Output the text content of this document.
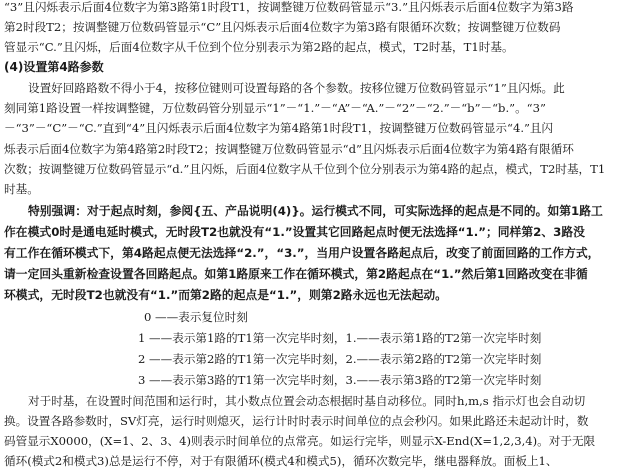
“3”且闪烁表示后面4位数字为第3路第1时段T1，按调整键万位数码管显示“3.”且闪烁表示后面4位数字为第3路
第2时段T2；按调整键万位数码管显示“C”且闪烁表示后面4位数字为第3路有限循环次数；按调整键万位数码
管显示“C.”且闪烁，后面4位数字从千位到个位分别表示为第2路的起点，模式，T2时基，T1时基。
(4)设置第4路参数
设置好回路路数不得小于4，按移位键则可设置每路的各个参数。按移位键万位数码管显示“1”且闪烁。此
刻同第1路设置一样按调整键，万位数码管分别显示“1”－“1.”－“A”－“A.”－“2”－“2.”－“b”－“b.”。“3”
－“3”－“C”－“C.”直到“4”且闪烁表示后面4位数字为第4路第1时段T1，按调整键万位数码管显示“4.”且闪
烁表示后面4位数字为第4路第2时段T2；按调整键万位数码管显示“d”且闪烁表示后面4位数字为第4路有限循环
次数；按调整键万位数码管显示“d.”且闪烁，后面4位数字从千位到个位分别表示为第4路的起点，模式，T2时基，T1
时基。
特别强调：对于起点时刻，参阅{五、产品说明(4)}。运行模式不同，可实际选择的起点是不同的。如第1路工
作在模式0时是通电延时模式，无时段T2也就没有“1.”设置其它回路起点时便无法选择“1.”；同样第2、3路没
有工作在循环模式下，第4路起点便无法选择“2.”，“3.”，当用户设置各路起点后，改变了前面回路的工作方式，
请一定回头重新检查设置各回路起点。如第1路原来工作在循环模式，第2路起点在“1.”然后第1回路改变在非循
环模式，无时段T2也就没有“1.”而第2路的起点是“1.”，则第2路永远也无法起动。
0 ——表示复位时刻
1 ——表示第1路的T1第一次完毕时刻，1.——表示第1路的T2第一次完毕时刻
2 ——表示第2路的T1第一次完毕时刻，2.——表示第2路的T2第一次完毕时刻
3 ——表示第3路的T1第一次完毕时刻，3.——表示第3路的T2第一次完毕时刻
对于时基，在设置时间范围和运行时，其小数点位置会动态根据时基自动移位。同时h,m,s 指示灯也会自动切
换。设置各路参数时，SV灯亮，运行时则熄灭，运行计时时表示时间单位的点会秒闪。如果此路还未起动计时，数
码管显示X0000，(X=1、2、3、4)则表示时间单位的点常亮。如运行完毕，则显示X-End(X=1,2,3,4)。对于无限
循环(模式2和模式3)总是运行不停，对于有限循环(模式4和模式5)，循环次数完毕，继电器释放。面板上1、
